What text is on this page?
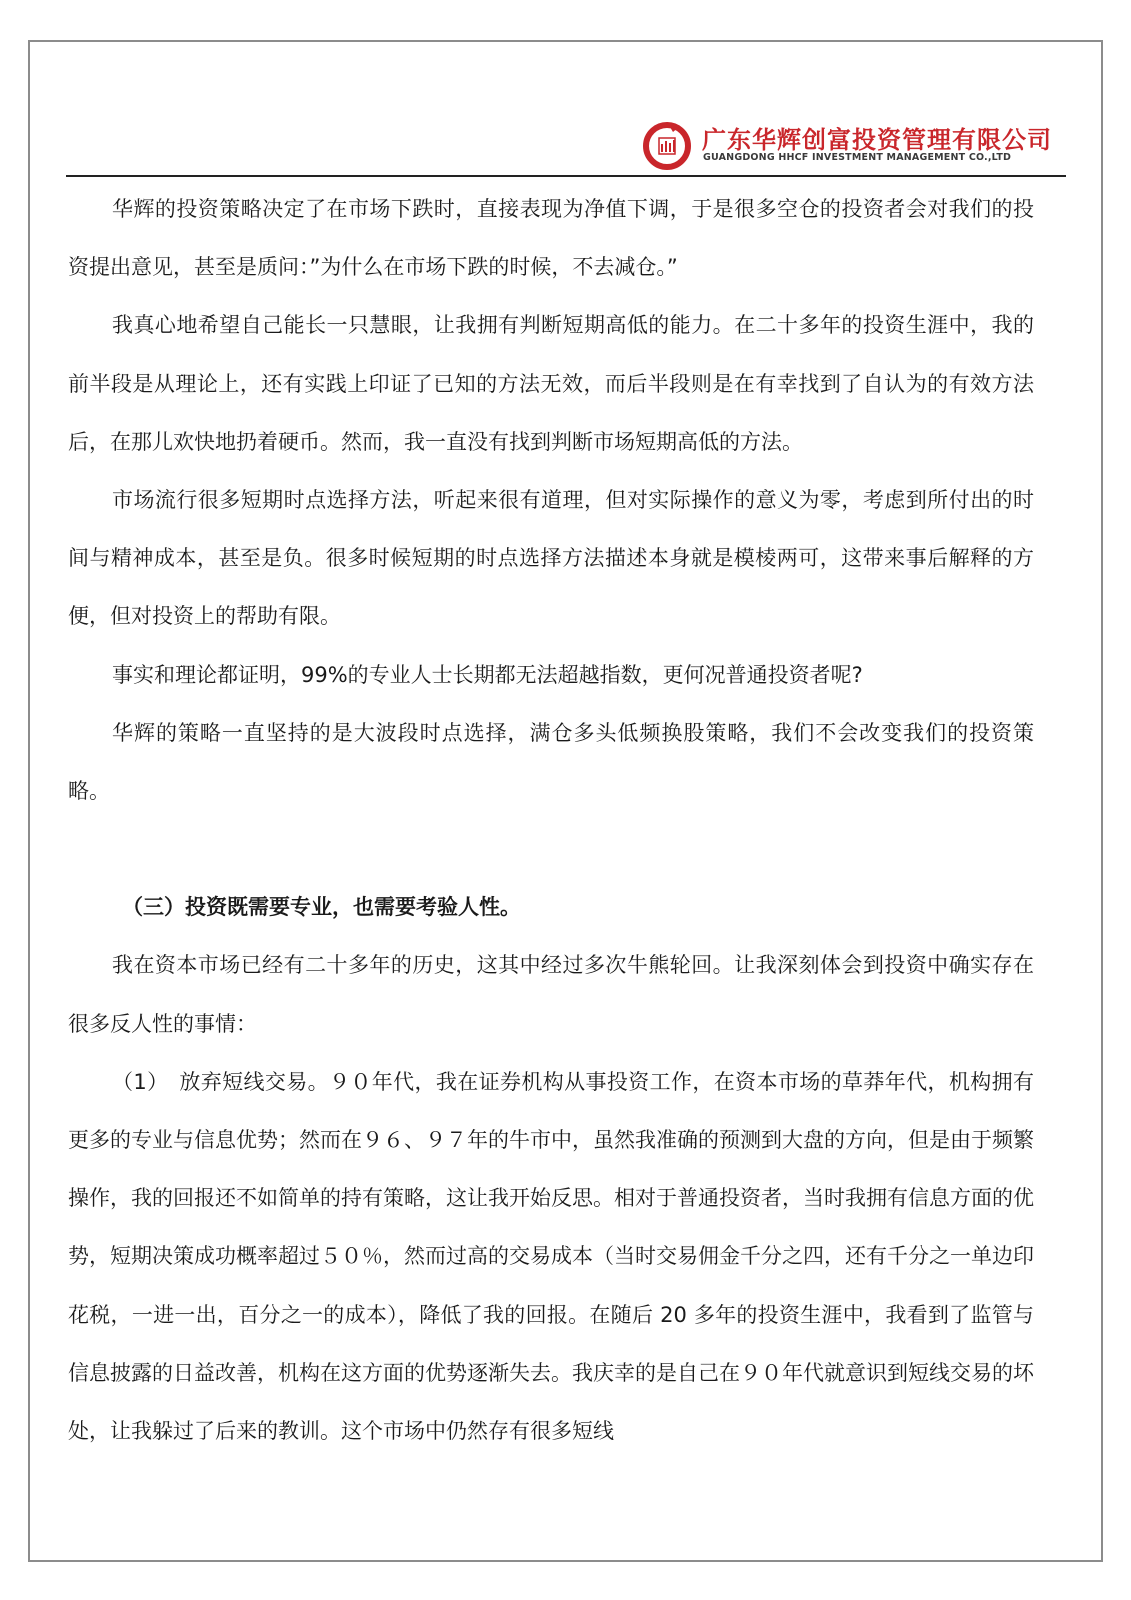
广东华辉创富投资管理有限公司
GUANGDONG HHCF INVESTMENT MANAGEMENT CO.,LTD

华辉的投资策略决定了在市场下跌时，直接表现为净值下调，于是很多空仓的投资者会对我们的投资提出意见，甚至是质问：”为什么在市场下跌的时候，不去减仓。”

我真心地希望自己能长一只慧眼，让我拥有判断短期高低的能力。在二十多年的投资生涯中，我的前半段是从理论上，还有实践上印证了已知的方法无效，而后半段则是在有幸找到了自认为的有效方法后，在那儿欢快地扔着硬币。然而，我一直没有找到判断市场短期高低的方法。

市场流行很多短期时点选择方法，听起来很有道理，但对实际操作的意义为零，考虑到所付出的时间与精神成本，甚至是负。很多时候短期的时点选择方法描述本身就是模棱两可，这带来事后解释的方便，但对投资上的帮助有限。

事实和理论都证明，99%的专业人士长期都无法超越指数，更何况普通投资者呢?

华辉的策略一直坚持的是大波段时点选择，满仓多头低频换股策略，我们不会改变我们的投资策略。

（三）投资既需要专业，也需要考验人性。

我在资本市场已经有二十多年的历史，这其中经过多次牛熊轮回。让我深刻体会到投资中确实存在很多反人性的事情：

（1）　放弃短线交易。９０年代，我在证券机构从事投资工作，在资本市场的草莽年代，机构拥有更多的专业与信息优势；然而在９６、９７年的牛市中，虽然我准确的预测到大盘的方向，但是由于频繁操作，我的回报还不如简单的持有策略，这让我开始反思。相对于普通投资者，当时我拥有信息方面的优势，短期决策成功概率超过５０％，然而过高的交易成本（当时交易佣金千分之四，还有千分之一单边印花税，一进一出，百分之一的成本），降低了我的回报。在随后 20 多年的投资生涯中，我看到了监管与信息披露的日益改善，机构在这方面的优势逐渐失去。我庆幸的是自己在９０年代就意识到短线交易的坏处，让我躲过了后来的教训。这个市场中仍然存有很多短线
